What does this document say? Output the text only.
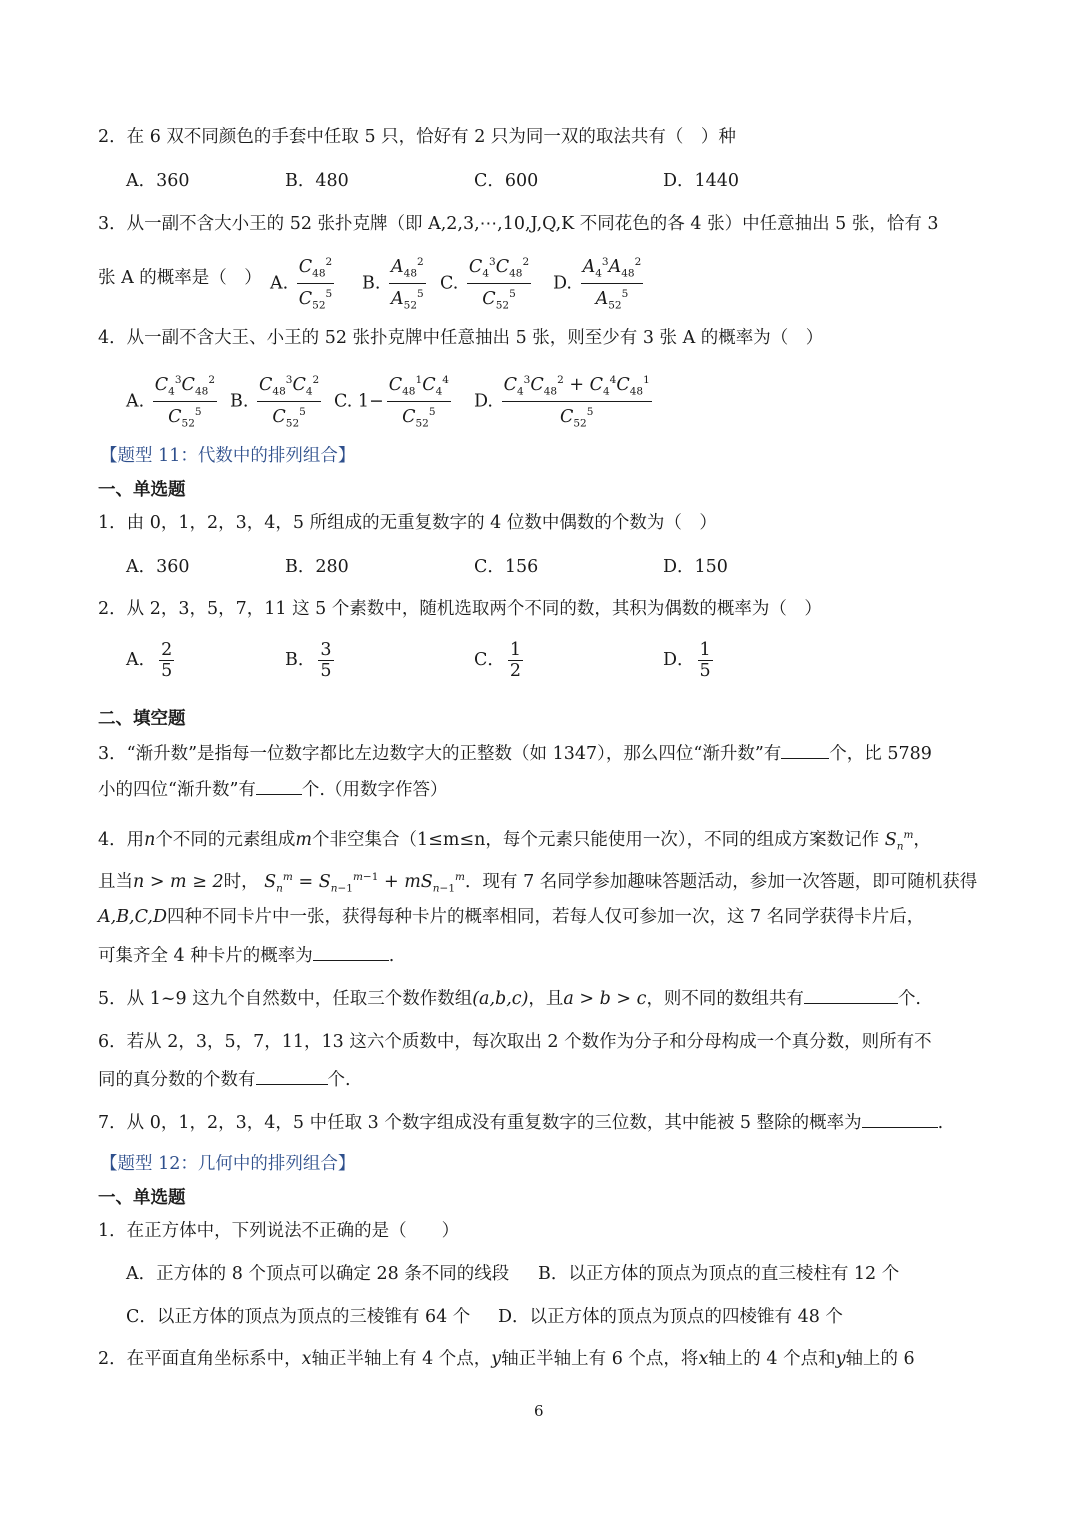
2．在 6 双不同颜色的手套中任取 5 只，恰好有 2 只为同一双的取法共有（　）种
A．360	B．480	C．600	D．1440
3．从一副不含大小王的 52 张扑克牌（即 A,2,3,⋯,10,J,Q,K 不同花色的各 4 张）中任意抽出 5 张，恰有 3
张 A 的概率是（　） A. $\frac{C_{48}^2}{C_{52}^5} B$. $\frac{A_{48}^2}{A_{52}^5} C$. $\frac{C_4^3C_{48}^2}{C_{52}^5} D$. $\frac{A_4^3A_{48}^2}{A_{52}^5}$
4．从一副不含大王、小王的 52 张扑克牌中任意抽出 5 张，则至少有 3 张 A 的概率为（　）
A. $\frac{C_4^3C_{48}^2}{C_{52}^5} B$. $\frac{C_{48}^3C_4^2}{C_{52}^5} C$. $1- \frac{C_{48}^1C_4^4}{C_{52}^5} D$. $\frac{C_4^3C_{48}^2 + C_4^4C_{48}^1}{C_{52}^5}$
【题型 11：代数中的排列组合】
一、单选题
1．由 0，1，2，3，4，5 所组成的无重复数字的 4 位数中偶数的个数为（　）
A．360	B．280	C．156	D．150
2．从 2，3，5，7，11 这 5 个素数中，随机选取两个不同的数，其积为偶数的概率为（　）
A． $\frac{2}{5}$	B． $\frac{3}{5}$	C． $\frac{1}{2}$	D． $\frac{1}{5}$
二、填空题
3．“渐升数”是指每一位数字都比左边数字大的正整数（如 1347），那么四位“渐升数”有	个，比 5789
小的四位“渐升数”有	个.（用数字作答）
4．用n个不同的元素组成m个非空集合（1≤m≤n，每个元素只能使用一次），不同的组成方案数记作 $S_n^m$，
且当n > m ≥ 2时， $S_n^m = S_{n-1}^{m-1} + mS_{n-1}^m$．现有 7 名同学参加趣味答题活动，参加一次答题，即可随机获得
A,B,C,D四种不同卡片中一张，获得每种卡片的概率相同，若每人仅可参加一次，这 7 名同学获得卡片后，
可集齐全 4 种卡片的概率为	.
5．从 1~9 这九个自然数中，任取三个数作数组(a,b,c)，且a > b > c，则不同的数组共有	个.
6．若从 2，3，5，7，11，13 这六个质数中，每次取出 2 个数作为分子和分母构成一个真分数，则所有不
同的真分数的个数有	个.
7．从 0，1，2，3，4，5 中任取 3 个数字组成没有重复数字的三位数，其中能被 5 整除的概率为	.
【题型 12：几何中的排列组合】
一、单选题
1．在正方体中，下列说法不正确的是（　　）
A．正方体的 8 个顶点可以确定 28 条不同的线段 B．以正方体的顶点为顶点的直三棱柱有 12 个
C．以正方体的顶点为顶点的三棱锥有 64 个 D．以正方体的顶点为顶点的四棱锥有 48 个
2．在平面直角坐标系中，x轴正半轴上有 4 个点，y轴正半轴上有 6 个点，将x轴上的 4 个点和y轴上的 6
6
